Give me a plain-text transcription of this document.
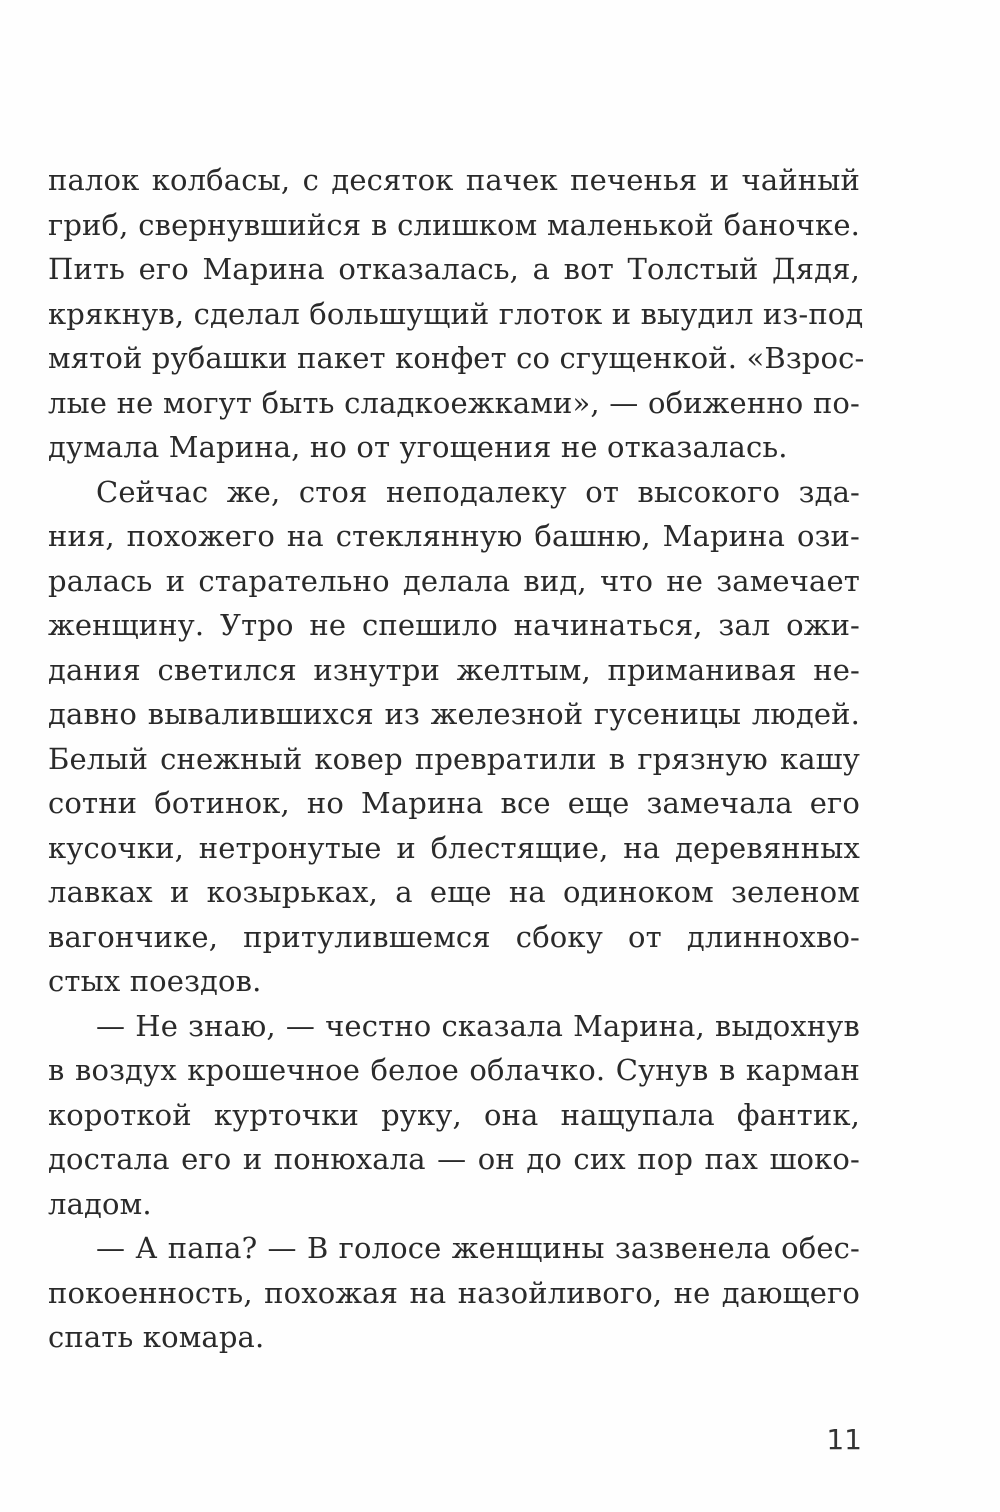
палок колбасы, с десяток пачек печенья и чайный
гриб, свернувшийся в слишком маленькой баночке.
Пить его Марина отказалась, а вот Толстый Дядя,
крякнув, сделал большущий глоток и выудил из-под
мятой рубашки пакет конфет со сгущенкой. «Взрос-
лые не могут быть сладкоежками», — обиженно по-
думала Марина, но от угощения не отказалась.
Сейчас же, стоя неподалеку от высокого зда-
ния, похожего на стеклянную башню, Марина ози-
ралась и старательно делала вид, что не замечает
женщину. Утро не спешило начинаться, зал ожи-
дания светился изнутри желтым, приманивая не-
давно вывалившихся из железной гусеницы людей.
Белый снежный ковер превратили в грязную кашу
сотни ботинок, но Марина все еще замечала его
кусочки, нетронутые и блестящие, на деревянных
лавках и козырьках, а еще на одиноком зеленом
вагончике, притулившемся сбоку от длиннохво-
стых поездов.
— Не знаю, — честно сказала Марина, выдохнув
в воздух крошечное белое облачко. Сунув в карман
короткой курточки руку, она нащупала фантик,
достала его и понюхала — он до сих пор пах шоко-
ладом.
— А папа? — В голосе женщины зазвенела обес-
покоенность, похожая на назойливого, не дающего
спать комара.
11
